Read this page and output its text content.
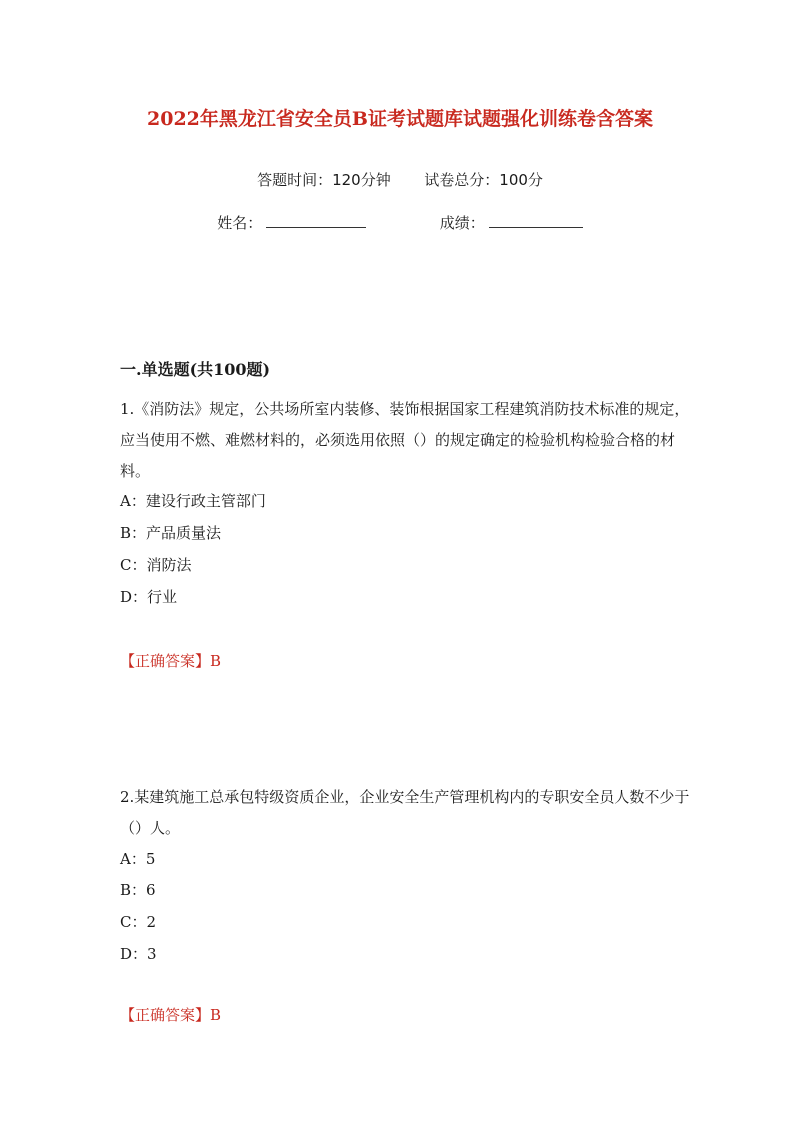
2022年黑龙江省安全员B证考试题库试题强化训练卷含答案
答题时间：120分钟 试卷总分：100分
姓名：	成绩：
一.单选题(共100题)
1.《消防法》规定，公共场所室内装修、装饰根据国家工程建筑消防技术标准的规定，应当使用不燃、难燃材料的，必须选用依照（）的规定确定的检验机构检验合格的材料。
A：建设行政主管部门
B：产品质量法
C：消防法
D：行业
【正确答案】B
2.某建筑施工总承包特级资质企业，企业安全生产管理机构内的专职安全员人数不少于（）人。
A：5
B：6
C：2
D：3
【正确答案】B
